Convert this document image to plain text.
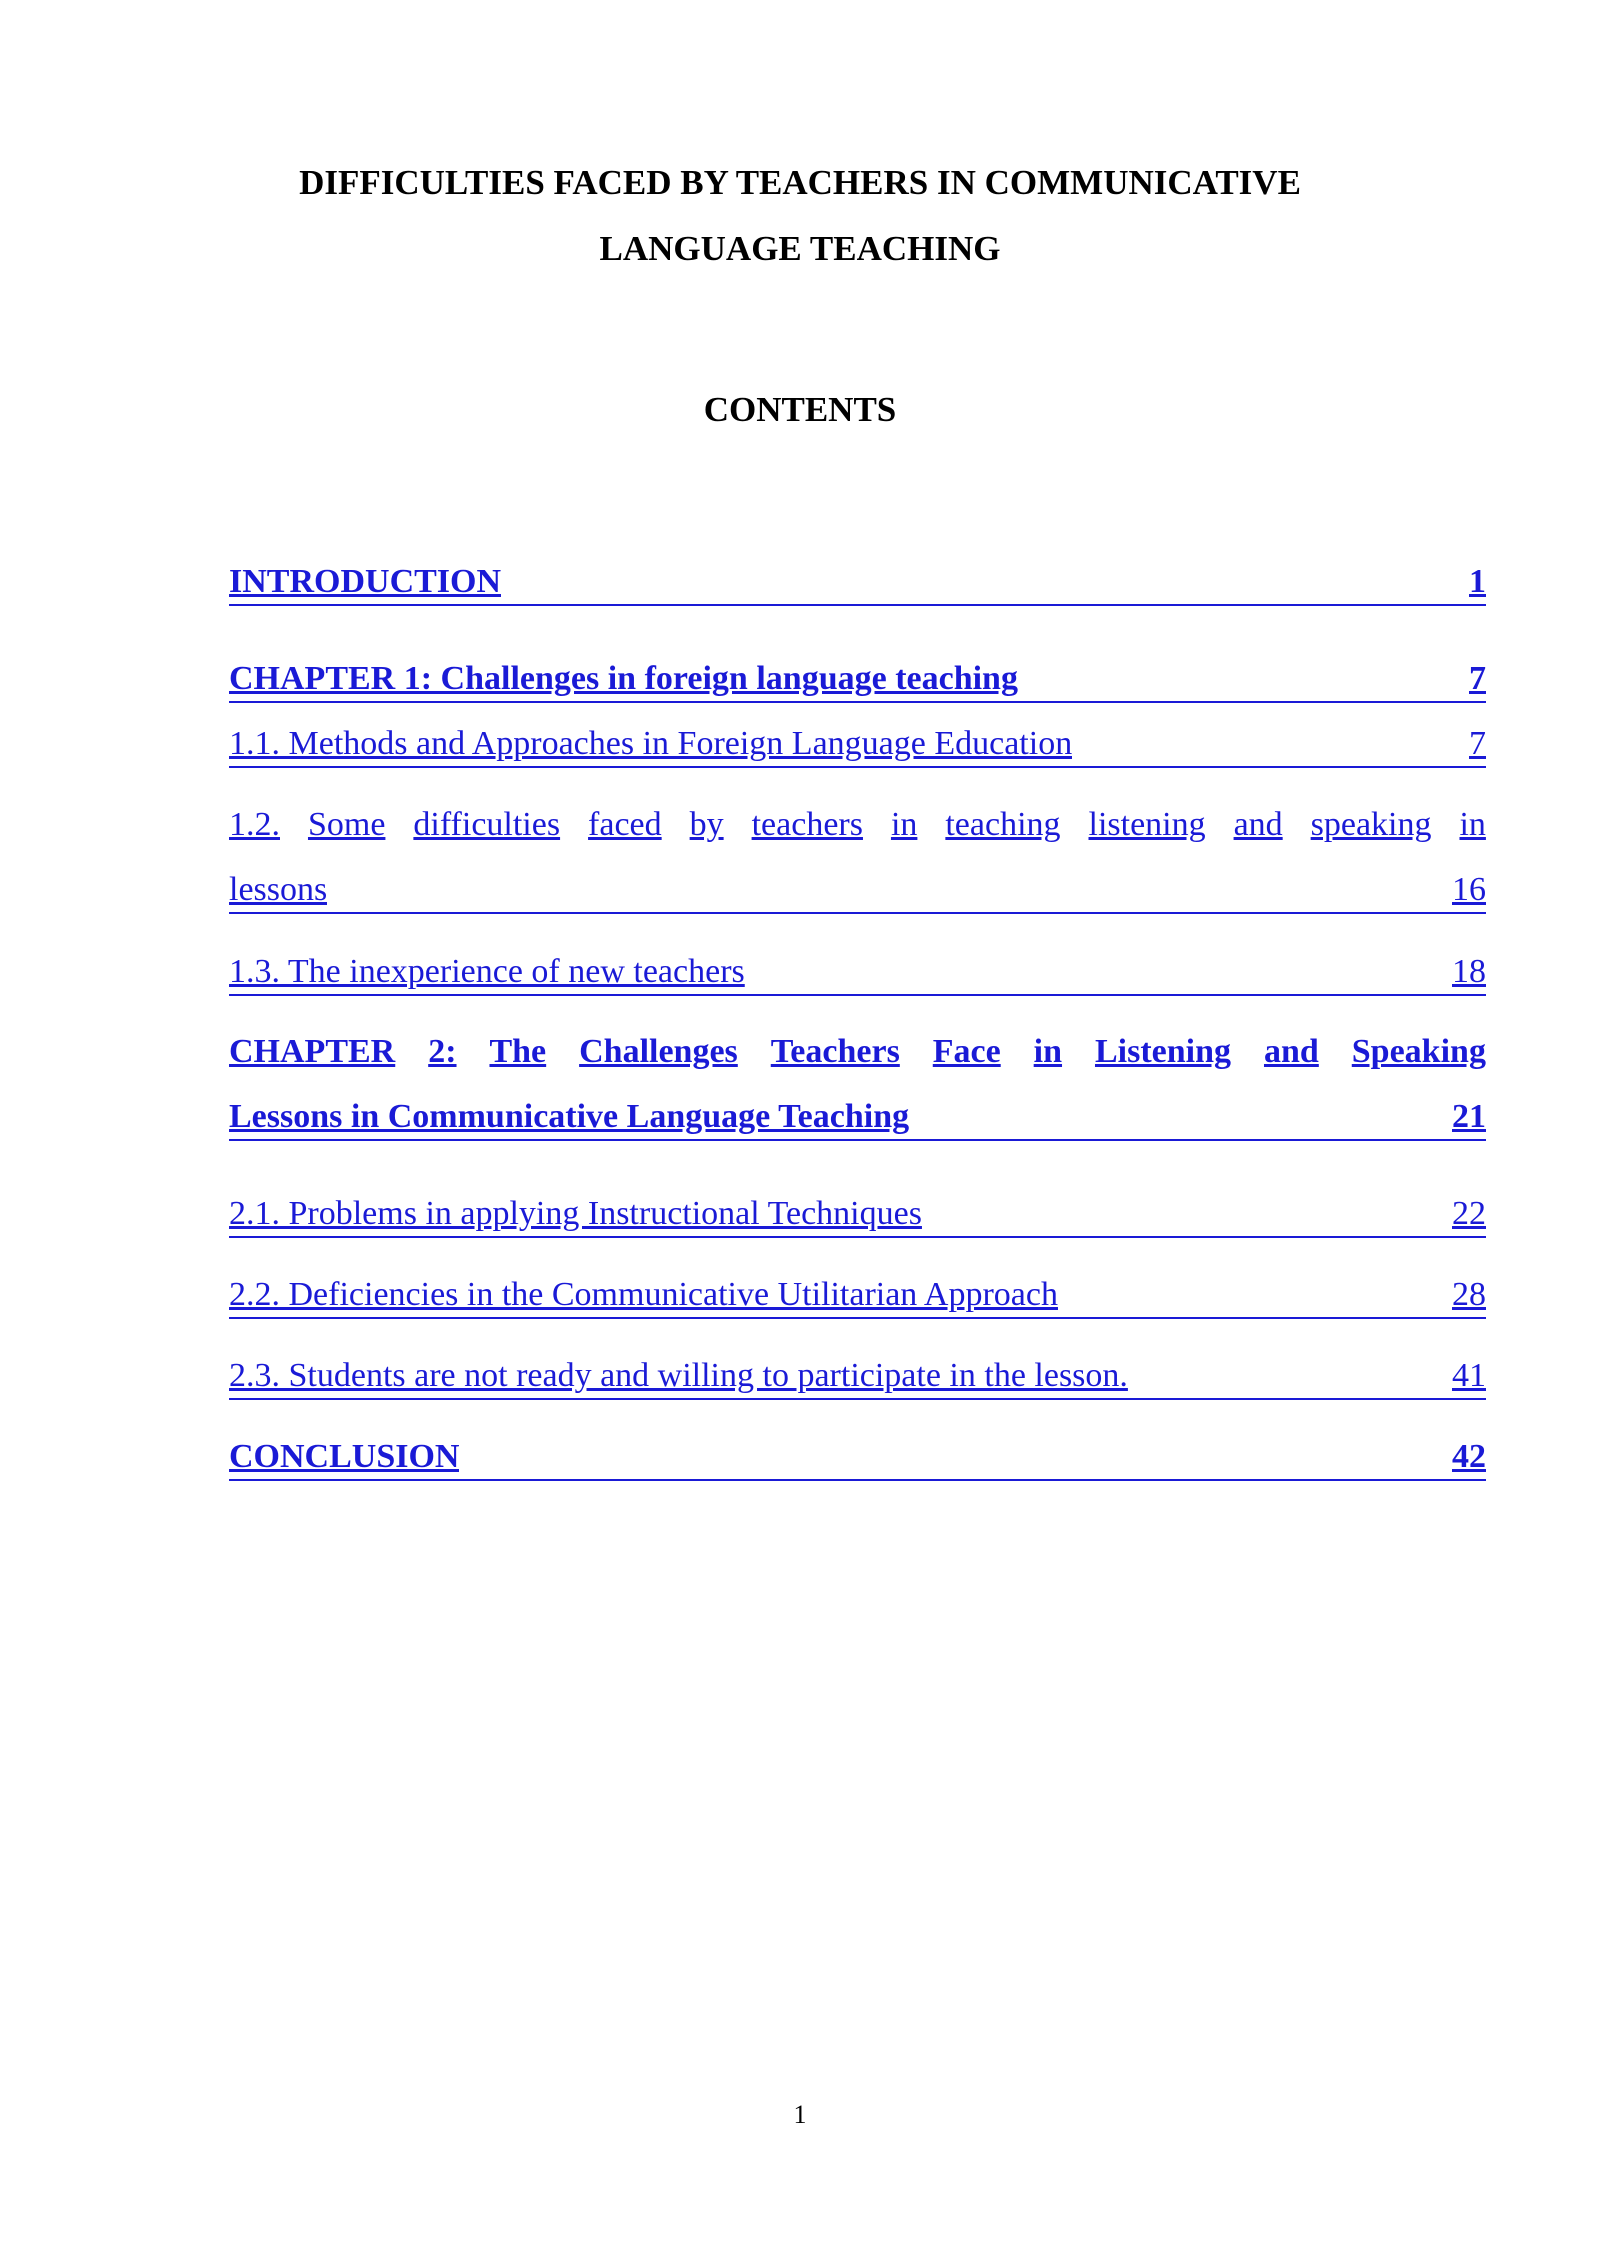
DIFFICULTIES FACED BY TEACHERS IN COMMUNICATIVE
LANGUAGE TEACHING
CONTENTS
INTRODUCTION	1
CHAPTER 1: Challenges in foreign language teaching	7
1.1. Methods and Approaches in Foreign Language Education	7
1.2. Some difficulties faced by teachers in teaching listening and speaking in
lessons	16
1.3. The inexperience of new teachers	18
CHAPTER 2: The Challenges Teachers Face in Listening and Speaking
Lessons in Communicative Language Teaching	21
2.1. Problems in applying Instructional Techniques	22
2.2. Deficiencies in the Communicative Utilitarian Approach	28
2.3. Students are not ready and willing to participate in the lesson.	41
CONCLUSION	42
1
